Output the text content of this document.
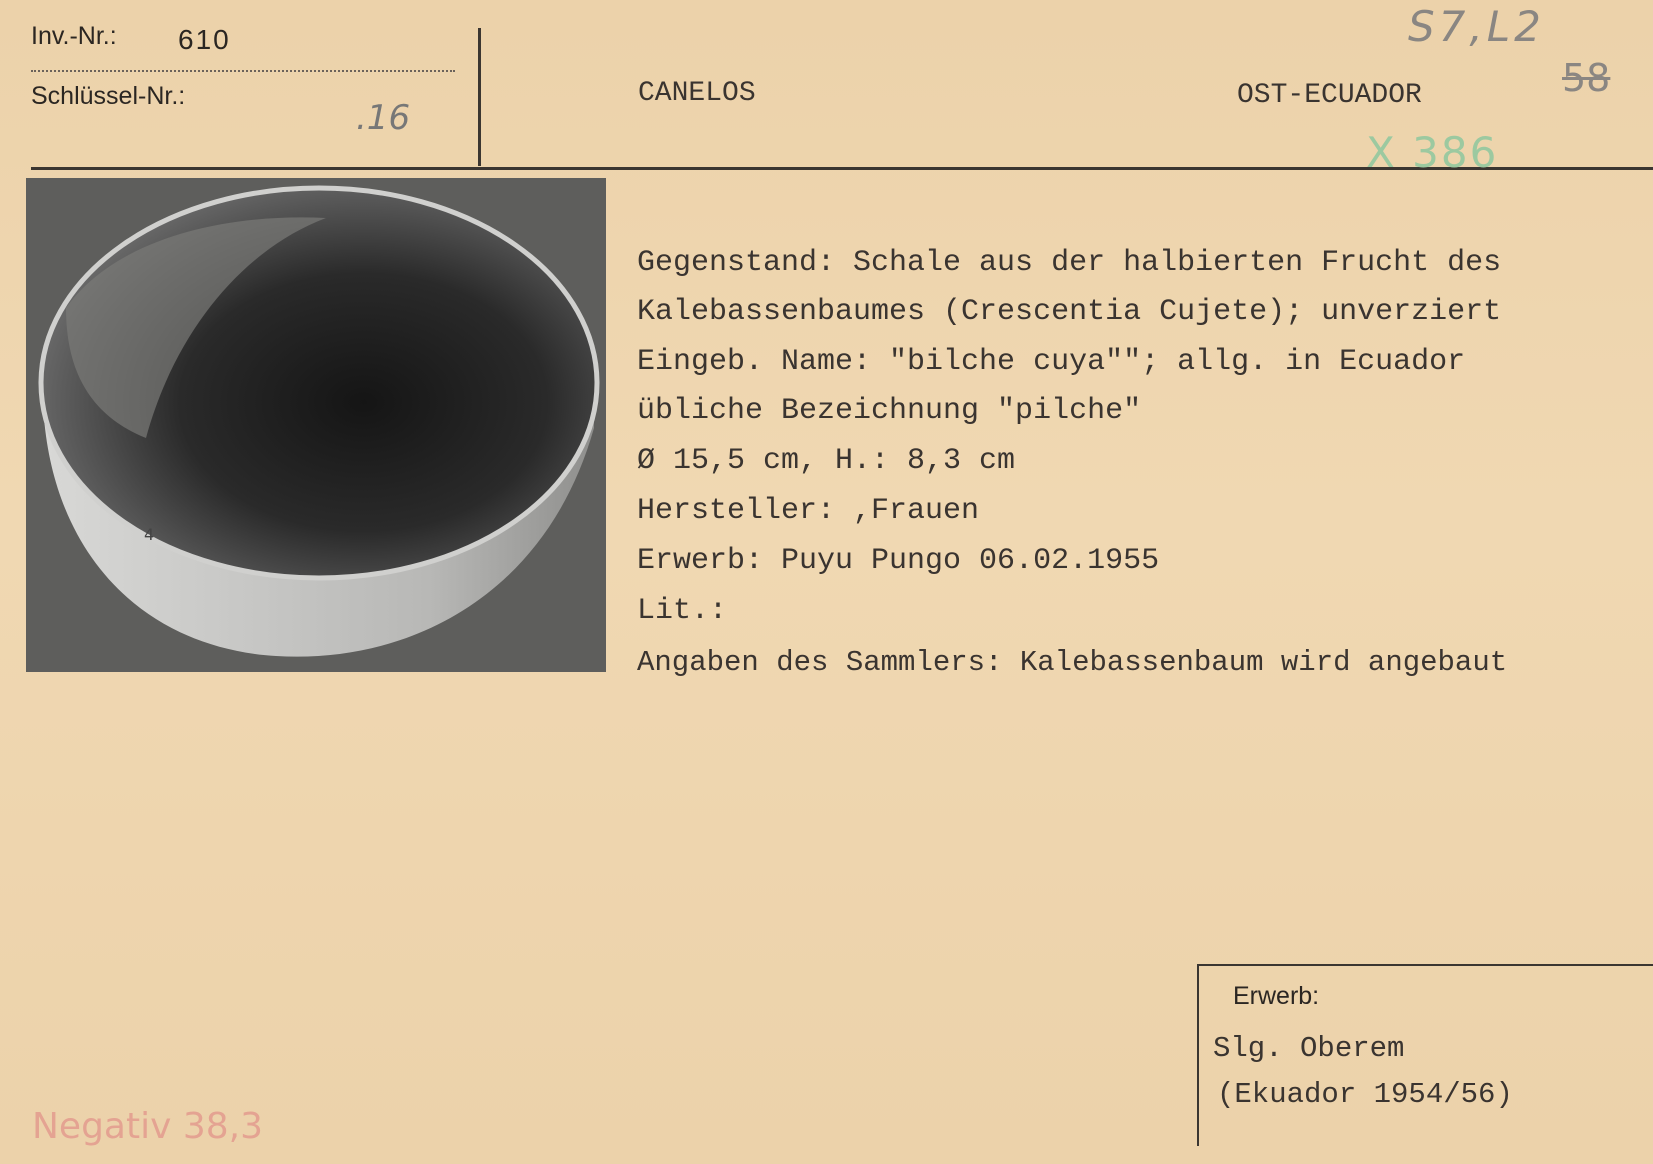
Inv.-Nr.: 610
Schlüssel-Nr.:
.16
CANELOS	OST-ECUADOR
S7,L2
58
X 386
4
Gegenstand: Schale aus der halbierten Frucht des
Kalebassenbaumes (Crescentia Cujete); unverziert
Eingeb. Name: "bilche cuya""; allg. in Ecuador
übliche Bezeichnung "pilche"
Ø 15,5 cm, H.: 8,3 cm
Hersteller: ,Frauen
Erwerb: Puyu Pungo 06.02.1955
Lit.:
Angaben des Sammlers: Kalebassenbaum wird angebaut
Erwerb:
Slg. Oberem
(Ekuador 1954/56)
Negativ 38,3
